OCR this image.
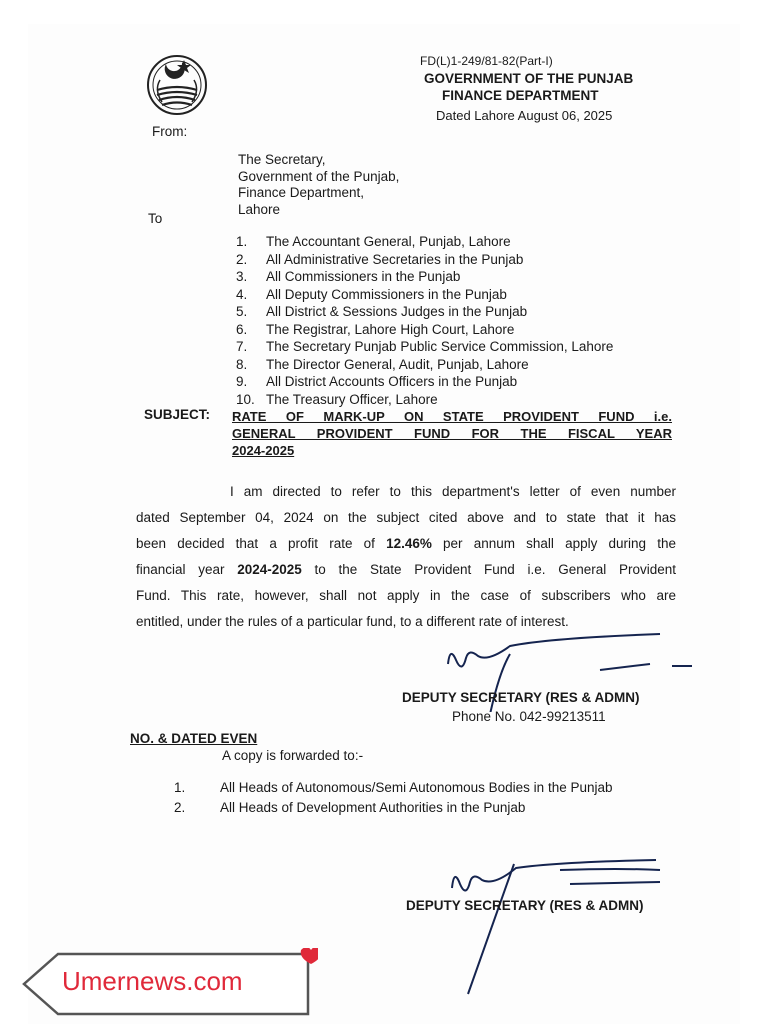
FD(L)1-249/81-82(Part-I)
GOVERNMENT OF THE PUNJAB
FINANCE DEPARTMENT
Dated Lahore August 06, 2025
From:
The Secretary,
Government of the Punjab,
Finance Department,
Lahore
To
1. The Accountant General, Punjab, Lahore
2. All Administrative Secretaries in the Punjab
3. All Commissioners in the Punjab
4. All Deputy Commissioners in the Punjab
5. All District & Sessions Judges in the Punjab
6. The Registrar, Lahore High Court, Lahore
7. The Secretary Punjab Public Service Commission, Lahore
8. The Director General, Audit, Punjab, Lahore
9. All District Accounts Officers in the Punjab
10. The Treasury Officer, Lahore
SUBJECT: RATE OF MARK-UP ON STATE PROVIDENT FUND i.e.
GENERAL PROVIDENT FUND FOR THE FISCAL YEAR
2024-2025
I am directed to refer to this department's letter of even number
dated September 04, 2024 on the subject cited above and to state that it has
been decided that a profit rate of 12.46% per annum shall apply during the
financial year 2024-2025 to the State Provident Fund i.e. General Provident
Fund. This rate, however, shall not apply in the case of subscribers who are
entitled, under the rules of a particular fund, to a different rate of interest.
DEPUTY SECRETARY (RES & ADMN)
Phone No. 042-99213511
NO. & DATED EVEN
A copy is forwarded to:-
1.	All Heads of Autonomous/Semi Autonomous Bodies in the Punjab
2.	All Heads of Development Authorities in the Punjab
DEPUTY SECRETARY (RES & ADMN)
Umernews.com
